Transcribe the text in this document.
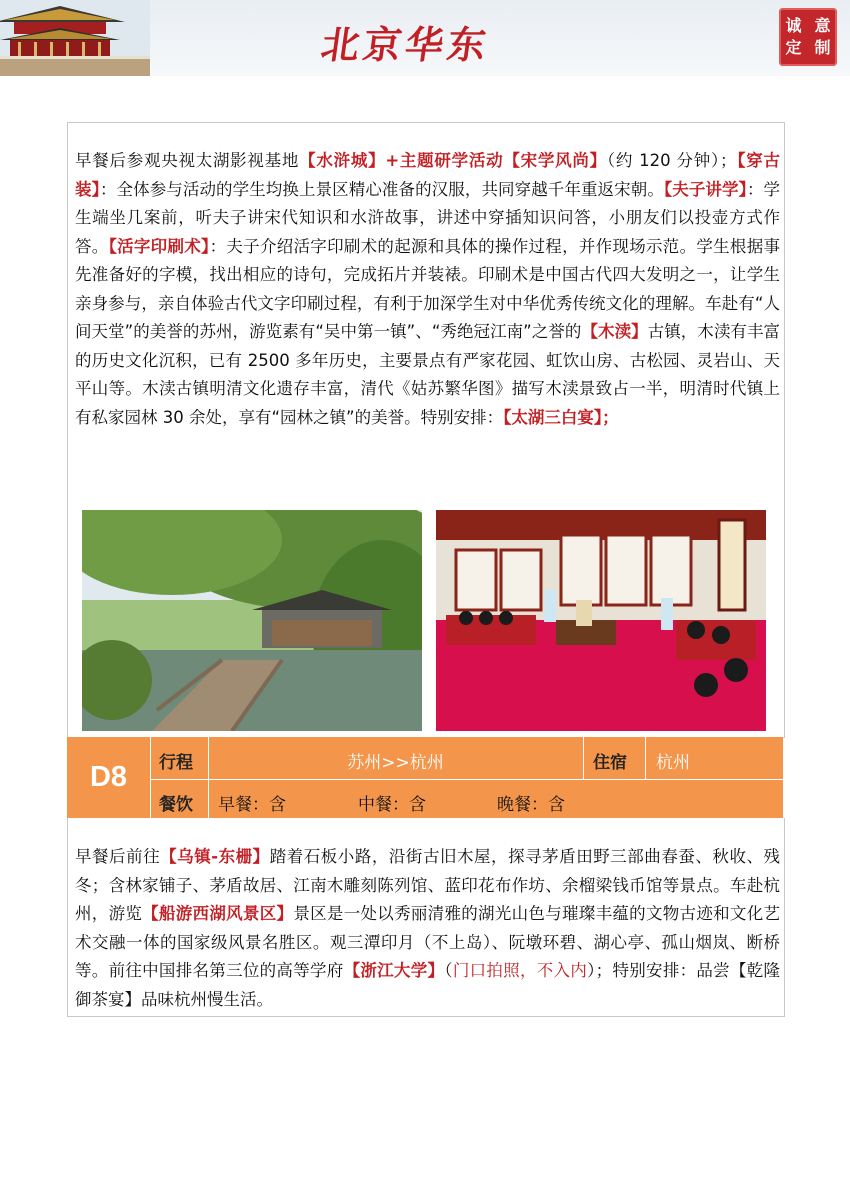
北京华东	诚 意
定 制
早餐后参观央视太湖影视基地【水浒城】+主题研学活动【宋学风尚】（约 120 分钟）；【穿古装】：全体参与活动的学生均换上景区精心准备的汉服，共同穿越千年重返宋朝。【夫子讲学】：学生端坐几案前，听夫子讲宋代知识和水浒故事，讲述中穿插知识问答，小朋友们以投壶方式作答。【活字印刷术】：夫子介绍活字印刷术的起源和具体的操作过程，并作现场示范。学生根据事先准备好的字模，找出相应的诗句，完成拓片并装裱。印刷术是中国古代四大发明之一，让学生亲身参与，亲自体验古代文字印刷过程，有利于加深学生对中华优秀传统文化的理解。车赴有“人间天堂”的美誉的苏州，游览素有“吴中第一镇”、“秀绝冠江南”之誉的【木渎】古镇，木渎有丰富的历史文化沉积，已有 2500 多年历史，主要景点有严家花园、虹饮山房、古松园、灵岩山、天平山等。木渎古镇明清文化遗存丰富，清代《姑苏繁华图》描写木渎景致占一半，明清时代镇上有私家园林 30 余处，享有“园林之镇”的美誉。特别安排：【太湖三白宴】；
D8	行程	苏州>>杭州	住宿 杭州
餐饮 早餐：含	中餐：含	晚餐：含
早餐后前往【乌镇-东栅】踏着石板小路，沿街古旧木屋，探寻茅盾田野三部曲春蚕、秋收、残冬；含林家铺子、茅盾故居、江南木雕刻陈列馆、蓝印花布作坊、余榴梁钱币馆等景点。车赴杭州，游览【船游西湖风景区】景区是一处以秀丽清雅的湖光山色与璀璨丰蕴的文物古迹和文化艺术交融一体的国家级风景名胜区。观三潭印月（不上岛）、阮墩环碧、湖心亭、孤山烟岚、断桥等。前往中国排名第三位的高等学府【浙江大学】（门口拍照，不入内）；特别安排：品尝【乾隆御茶宴】品味杭州慢生活。
